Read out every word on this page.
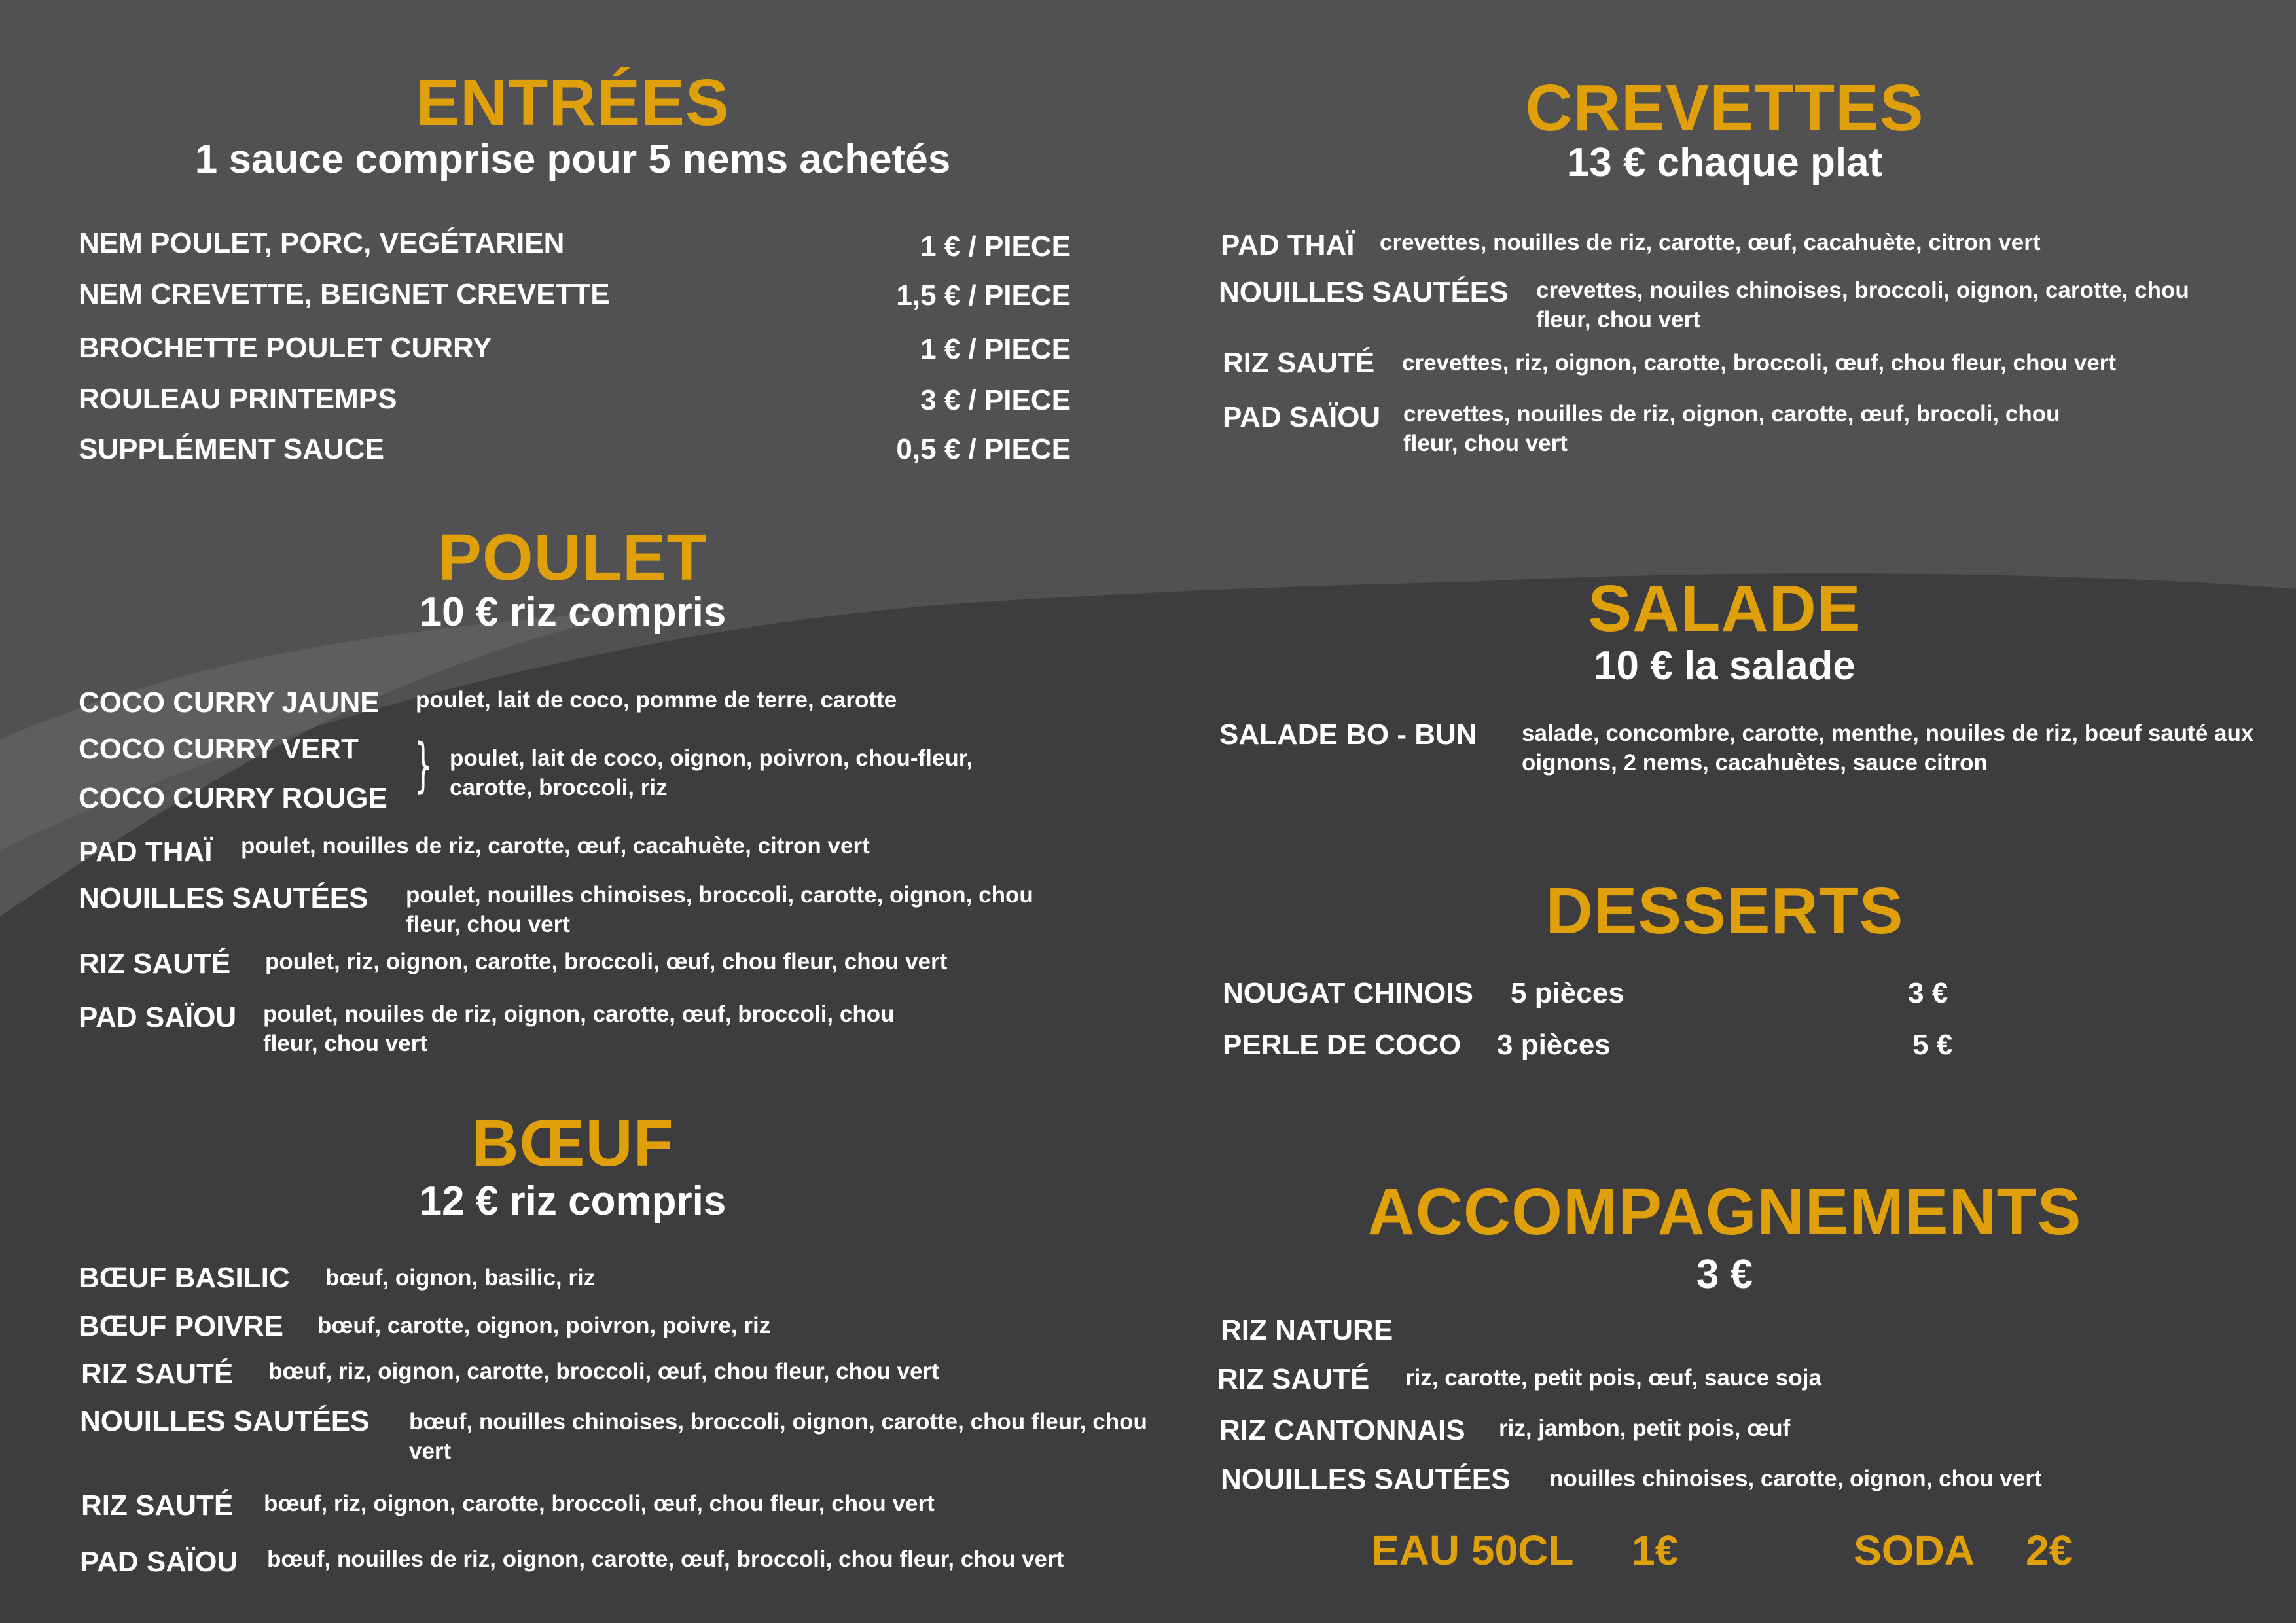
ENTRÉES
1 sauce comprise pour 5 nems achetés
NEM POULET, PORC, VEGÉTARIEN	1 € / PIECE
NEM CREVETTE, BEIGNET CREVETTE	1,5 € / PIECE
BROCHETTE POULET CURRY	1 € / PIECE
ROULEAU PRINTEMPS	3 € / PIECE
SUPPLÉMENT SAUCE	0,5 € / PIECE
POULET
10 € riz compris
COCO CURRY JAUNE poulet, lait de coco, pomme de terre, carotte
COCO CURRY VERT
COCO CURRY ROUGE } poulet, lait de coco, oignon, poivron, chou-fleur, carotte, broccoli, riz
PAD THAÏ poulet, nouilles de riz, carotte, œuf, cacahuète, citron vert
NOUILLES SAUTÉES poulet, nouilles chinoises, broccoli, carotte, oignon, chou fleur, chou vert
RIZ SAUTÉ poulet, riz, oignon, carotte, broccoli, œuf, chou fleur, chou vert
PAD SAÏOU poulet, nouiles de riz, oignon, carotte, œuf, broccoli, chou fleur, chou vert
BŒUF
12 € riz compris
BŒUF BASILIC bœuf, oignon, basilic, riz
BŒUF POIVRE bœuf, carotte, oignon, poivron, poivre, riz
RIZ SAUTÉ bœuf, riz, oignon, carotte, broccoli, œuf, chou fleur, chou vert
NOUILLES SAUTÉES bœuf, nouilles chinoises, broccoli, oignon, carotte, chou fleur, chou vert
RIZ SAUTÉ bœuf, riz, oignon, carotte, broccoli, œuf, chou fleur, chou vert
PAD SAÏOU bœuf, nouilles de riz, oignon, carotte, œuf, broccoli, chou fleur, chou vert
CREVETTES
13 € chaque plat
PAD THAÏ crevettes, nouilles de riz, carotte, œuf, cacahuète, citron vert
NOUILLES SAUTÉES crevettes, nouiles chinoises, broccoli, oignon, carotte, chou fleur, chou vert
RIZ SAUTÉ crevettes, riz, oignon, carotte, broccoli, œuf, chou fleur, chou vert
PAD SAÏOU crevettes, nouilles de riz, oignon, carotte, œuf, brocoli, chou fleur, chou vert
SALADE
10 € la salade
SALADE BO - BUN salade, concombre, carotte, menthe, nouiles de riz, bœuf sauté aux oignons, 2 nems, cacahuètes, sauce citron
DESSERTS
NOUGAT CHINOIS 5 pièces	3 €
PERLE DE COCO 3 pièces	5 €
ACCOMPAGNEMENTS
3 €
RIZ NATURE
RIZ SAUTÉ riz, carotte, petit pois, œuf, sauce soja
RIZ CANTONNAIS riz, jambon, petit pois, œuf
NOUILLES SAUTÉES nouilles chinoises, carotte, oignon, chou vert
EAU 50CL 1€	SODA 2€
